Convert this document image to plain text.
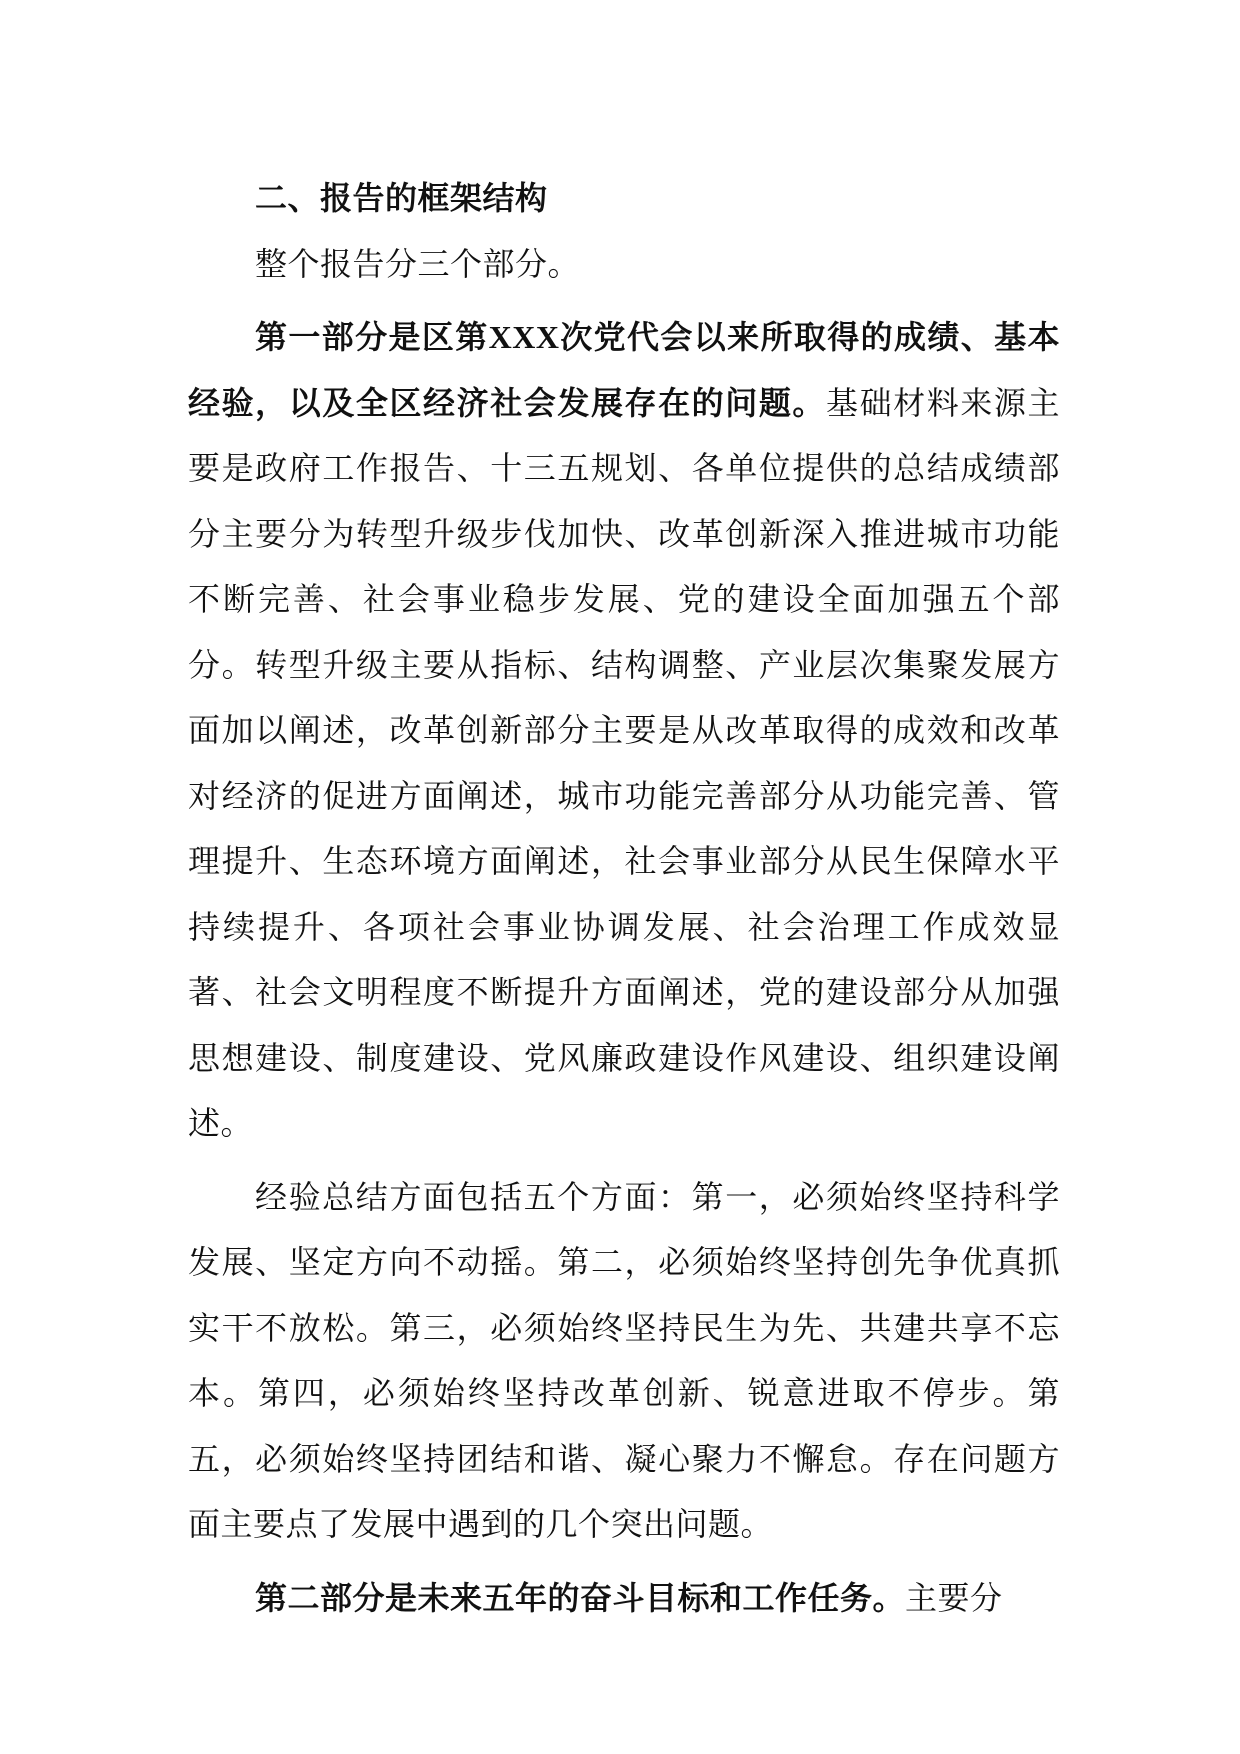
二、报告的框架结构

整个报告分三个部分。

第一部分是区第XXX次党代会以来所取得的成绩、基本经验，以及全区经济社会发展存在的问题。基础材料来源主要是政府工作报告、十三五规划、各单位提供的总结成绩部分主要分为转型升级步伐加快、改革创新深入推进城市功能不断完善、社会事业稳步发展、党的建设全面加强五个部分。转型升级主要从指标、结构调整、产业层次集聚发展方面加以阐述，改革创新部分主要是从改革取得的成效和改革对经济的促进方面阐述，城市功能完善部分从功能完善、管理提升、生态环境方面阐述，社会事业部分从民生保障水平持续提升、各项社会事业协调发展、社会治理工作成效显著、社会文明程度不断提升方面阐述，党的建设部分从加强思想建设、制度建设、党风廉政建设作风建设、组织建设阐述。

经验总结方面包括五个方面：第一，必须始终坚持科学发展、坚定方向不动摇。第二，必须始终坚持创先争优真抓实干不放松。第三，必须始终坚持民生为先、共建共享不忘本。第四，必须始终坚持改革创新、锐意进取不停步。第五，必须始终坚持团结和谐、凝心聚力不懈怠。存在问题方面主要点了发展中遇到的几个突出问题。

第二部分是未来五年的奋斗目标和工作任务。主要分
